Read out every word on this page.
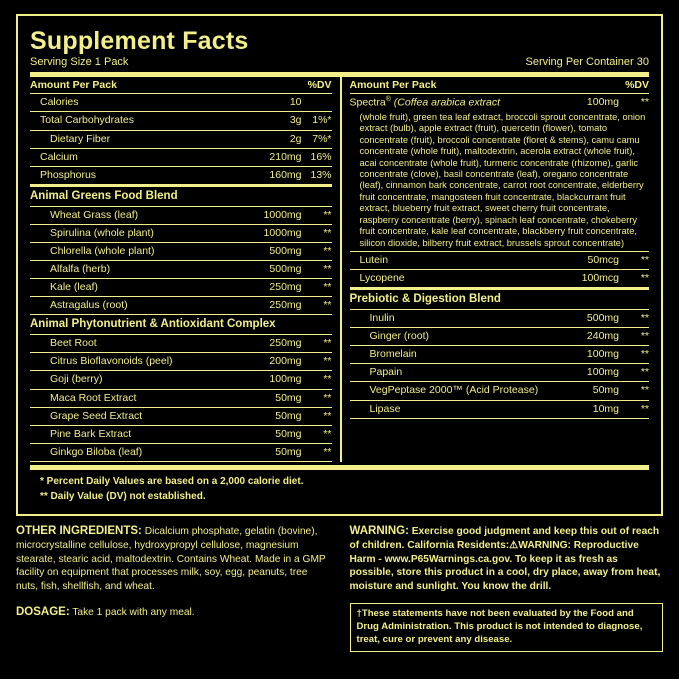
Supplement Facts
Serving Size 1 Pack	Serving Per Container 30
Amount Per Pack	%DV
Calories	10
Total Carbohydrates	3g	1%*
Dietary Fiber	2g	7%*
Calcium	210mg 16%
Phosphorus	160mg 13%
Animal Greens Food Blend
Wheat Grass (leaf)	1000mg	**
Spirulina (whole plant)	1000mg	**
Chlorella (whole plant)	500mg	**
Alfalfa (herb)	500mg	**
Kale (leaf)	250mg	**
Astragalus (root)	250mg	**
Animal Phytonutrient & Antioxidant Complex
Beet Root	250mg	**
Citrus Bioflavonoids (peel)	200mg	**
Goji (berry)	100mg	**
Maca Root Extract	50mg	**
Grape Seed Extract	50mg	**
Pine Bark Extract	50mg	**
Ginkgo Biloba (leaf)	50mg	**
Amount Per Pack	%DV
Spectra® (Coffea arabica extract	100mg	**
(whole fruit), green tea leaf extract, broccoli sprout concentrate, onion extract (bulb), apple extract (fruit), quercetin (flower), tomato concentrate (fruit), broccoli concentrate (floret & stems), camu camu concentrate (whole fruit), maltodextrin, acerola extract (whole fruit), acai concentrate (whole fruit), turmeric concentrate (rhizome), garlic concentrate (clove), basil concentrate (leaf), oregano concentrate (leaf), cinnamon bark concentrate, carrot root concentrate, elderberry fruit concentrate, mangosteen fruit concentrate, blackcurrant fruit extract, blueberry fruit extract, sweet cherry fruit concentrate, raspberry concentrate (berry), spinach leaf concentrate, chokeberry fruit concentrate, kale leaf concentrate, blackberry fruit concentrate, silicon dioxide, bilberry fruit extract, brussels sprout concentrate)
Lutein	50mcg	**
Lycopene	100mcg	**
Prebiotic & Digestion Blend
Inulin	500mg	**
Ginger (root)	240mg	**
Bromelain	100mg	**
Papain	100mg	**
VegPeptase 2000™ (Acid Protease)	50mg	**
Lipase	10mg	**
* Percent Daily Values are based on a 2,000 calorie diet.
** Daily Value (DV) not established.
OTHER INGREDIENTS: Dicalcium phosphate, gelatin (bovine), microcrystalline cellulose, hydroxypropyl cellulose, magnesium stearate, stearic acid, maltodextrin. Contains Wheat. Made in a GMP facility on equipment that processes milk, soy, egg, peanuts, tree nuts, fish, shellfish, and wheat.
DOSAGE: Take 1 pack with any meal.
WARNING: Exercise good judgment and keep this out of reach of children. California Residents:⚠WARNING: Reproductive Harm - www.P65Warnings.ca.gov. To keep it as fresh as possible, store this product in a cool, dry place, away from heat, moisture and sunlight. You know the drill.
†These statements have not been evaluated by the Food and Drug Administration. This product is not intended to diagnose, treat, cure or prevent any disease.
